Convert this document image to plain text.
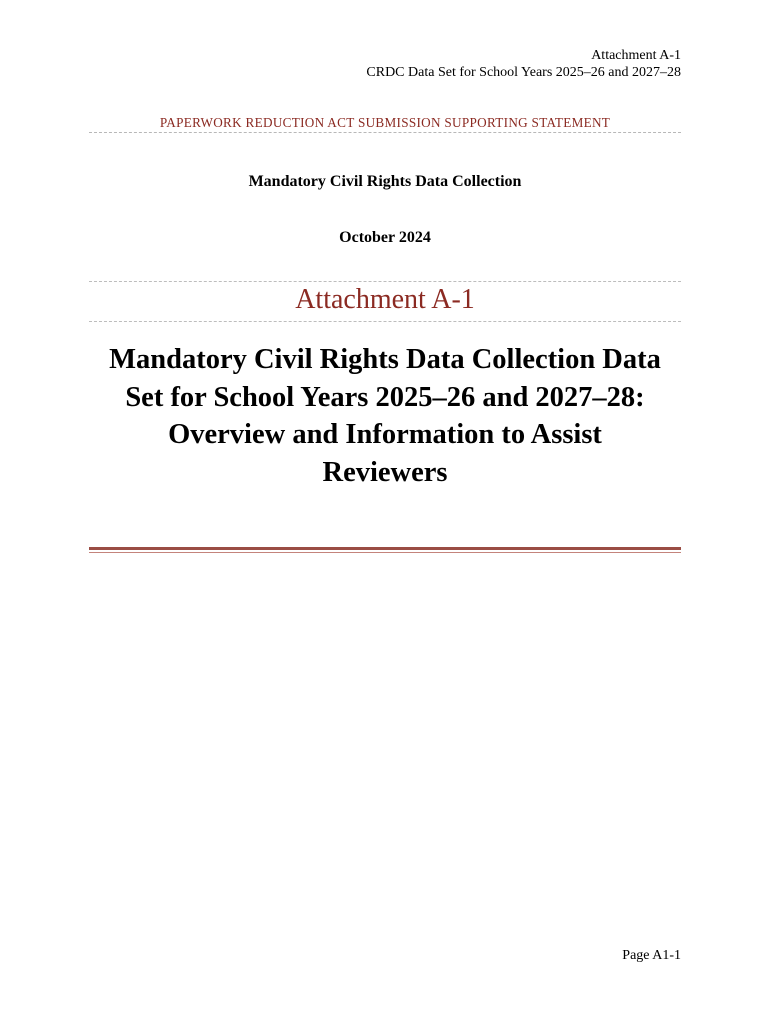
Attachment A-1
CRDC Data Set for School Years 2025–26 and 2027–28
PAPERWORK REDUCTION ACT SUBMISSION SUPPORTING STATEMENT
Mandatory Civil Rights Data Collection
October 2024
Attachment A-1
Mandatory Civil Rights Data Collection Data
Set for School Years 2025–26 and 2027–28:
Overview and Information to Assist
Reviewers
Page A1-1
